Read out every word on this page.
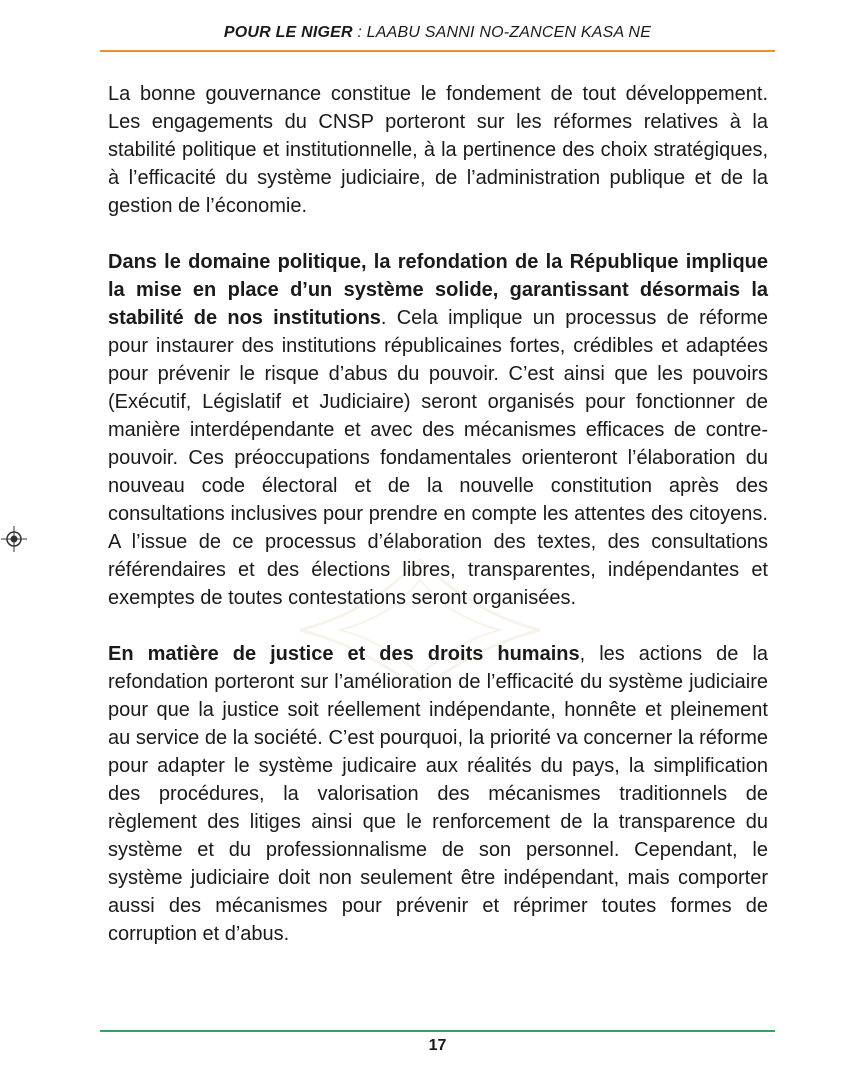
POUR LE NIGER : LAABU SANNI NO-ZANCEN KASA NE

La bonne gouvernance constitue le fondement de tout développement. Les engagements du CNSP porteront sur les réformes relatives à la stabilité politique et institutionnelle, à la pertinence des choix stratégiques, à l’efficacité du système judiciaire, de l’administration publique et de la gestion de l’économie.

Dans le domaine politique, la refondation de la République implique la mise en place d’un système solide, garantissant désormais la stabilité de nos institutions. Cela implique un processus de réforme pour instaurer des institutions républicaines fortes, crédibles et adaptées pour prévenir le risque d’abus du pouvoir. C’est ainsi que les pouvoirs (Exécutif, Législatif et Judiciaire) seront organisés pour fonctionner de manière interdépendante et avec des mécanismes efficaces de contre-pouvoir. Ces préoccupations fondamentales orienteront l’élaboration du nouveau code électoral et de la nouvelle constitution après des consultations inclusives pour prendre en compte les attentes des citoyens. A l’issue de ce processus d’élaboration des textes, des consultations référendaires et des élections libres, transparentes, indépendantes et exemptes de toutes contestations seront organisées.

En matière de justice et des droits humains, les actions de la refondation porteront sur l’amélioration de l’efficacité du système judiciaire pour que la justice soit réellement indépendante, honnête et pleinement au service de la société. C’est pourquoi, la priorité va concerner la réforme pour adapter le système judicaire aux réalités du pays, la simplification des procédures, la valorisation des mécanismes traditionnels de règlement des litiges ainsi que le renforcement de la transparence du système et du professionnalisme de son personnel. Cependant, le système judiciaire doit non seulement être indépendant, mais comporter aussi des mécanismes pour prévenir et réprimer toutes formes de corruption et d’abus.

17
